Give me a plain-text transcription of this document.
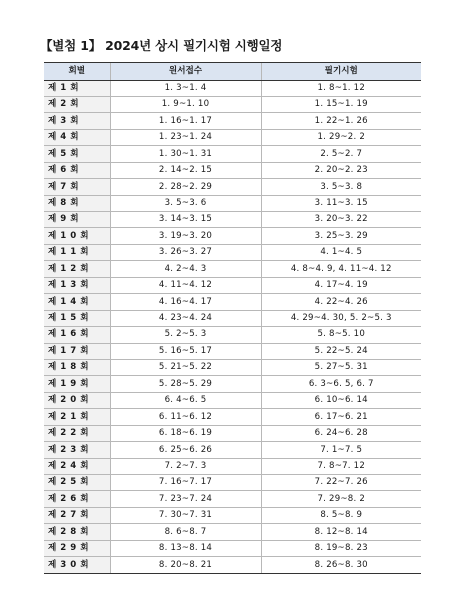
【별첨 1】 2024년 상시 필기시험 시행일정
회별	원서접수	필기시험
제 1 회	1. 3~1. 4	1. 8~1. 12
제 2 회	1. 9~1. 10	1. 15~1. 19
제 3 회	1. 16~1. 17	1. 22~1. 26
제 4 회	1. 23~1. 24	1. 29~2. 2
제 5 회	1. 30~1. 31	2. 5~2. 7
제 6 회	2. 14~2. 15	2. 20~2. 23
제 7 회	2. 28~2. 29	3. 5~3. 8
제 8 회	3. 5~3. 6	3. 11~3. 15
제 9 회	3. 14~3. 15	3. 20~3. 22
제 1 0 회	3. 19~3. 20	3. 25~3. 29
제 1 1 회	3. 26~3. 27	4. 1~4. 5
제 1 2 회	4. 2~4. 3	4. 8~4. 9, 4. 11~4. 12
제 1 3 회	4. 11~4. 12	4. 17~4. 19
제 1 4 회	4. 16~4. 17	4. 22~4. 26
제 1 5 회	4. 23~4. 24	4. 29~4. 30, 5. 2~5. 3
제 1 6 회	5. 2~5. 3	5. 8~5. 10
제 1 7 회	5. 16~5. 17	5. 22~5. 24
제 1 8 회	5. 21~5. 22	5. 27~5. 31
제 1 9 회	5. 28~5. 29	6. 3~6. 5, 6. 7
제 2 0 회	6. 4~6. 5	6. 10~6. 14
제 2 1 회	6. 11~6. 12	6. 17~6. 21
제 2 2 회	6. 18~6. 19	6. 24~6. 28
제 2 3 회	6. 25~6. 26	7. 1~7. 5
제 2 4 회	7. 2~7. 3	7. 8~7. 12
제 2 5 회	7. 16~7. 17	7. 22~7. 26
제 2 6 회	7. 23~7. 24	7. 29~8. 2
제 2 7 회	7. 30~7. 31	8. 5~8. 9
제 2 8 회	8. 6~8. 7	8. 12~8. 14
제 2 9 회	8. 13~8. 14	8. 19~8. 23
제 3 0 회	8. 20~8. 21	8. 26~8. 30
